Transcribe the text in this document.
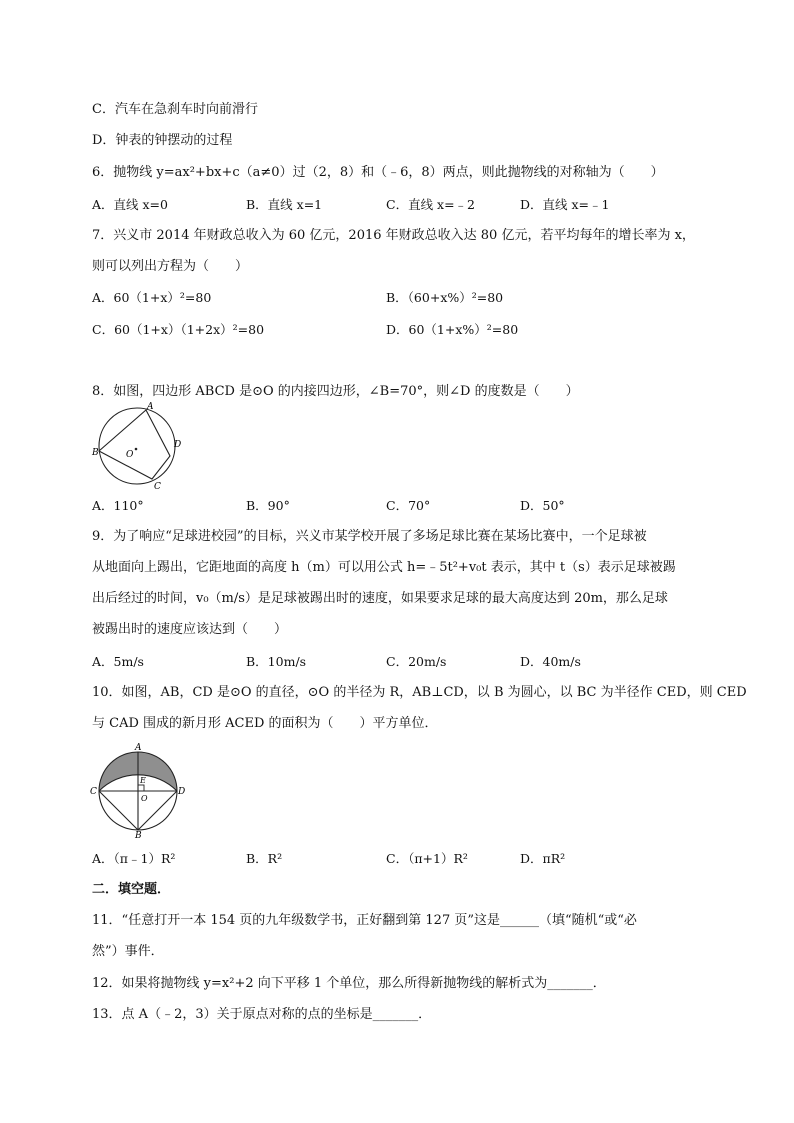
C．汽车在急刹车时向前滑行
D．钟表的钟摆动的过程
6．抛物线 y=ax²+bx+c（a≠0）过（2，8）和（﹣6，8）两点，则此抛物线的对称轴为（　　）
A．直线 x=0	B．直线 x=1	C．直线 x=﹣2	D．直线 x=﹣1
7．兴义市 2014 年财政总收入为 60 亿元，2016 年财政总收入达 80 亿元，若平均每年的增长率为 x，
则可以列出方程为（　　）
A．60（1+x）²=80	B．（60+x%）²=80
C．60（1+x）（1+2x）²=80	D．60（1+x%）²=80
8．如图，四边形 ABCD 是⊙O 的内接四边形，∠B=70°，则∠D 的度数是（　　）
A
B
C
D
O
A．110°	B．90°	C．70°	D．50°
9．为了响应“足球进校园”的目标，兴义市某学校开展了多场足球比赛在某场比赛中，一个足球被
从地面向上踢出，它距地面的高度 h（m）可以用公式 h=﹣5t²+v₀t 表示，其中 t（s）表示足球被踢
出后经过的时间，v₀（m/s）是足球被踢出时的速度，如果要求足球的最大高度达到 20m，那么足球
被踢出时的速度应该达到（　　）
A．5m/s	B．10m/s	C．20m/s	D．40m/s
10．如图，AB，CD 是⊙O 的直径，⊙O 的半径为 R，AB⊥CD，以 B 为圆心，以 BC 为半径作 CED，则 CED
与 CAD 围成的新月形 ACED 的面积为（　　）平方单位．
A
B
C	D
E
O
A．（π﹣1）R²	B．R²	C．（π+1）R²	D．πR²
二．填空题．
11．“任意打开一本 154 页的九年级数学书，正好翻到第 127 页”这是______（填“随机“或“必
然”）事件．
12．如果将抛物线 y=x²+2 向下平移 1 个单位，那么所得新抛物线的解析式为_______．
13．点 A（﹣2，3）关于原点对称的点的坐标是_______．
